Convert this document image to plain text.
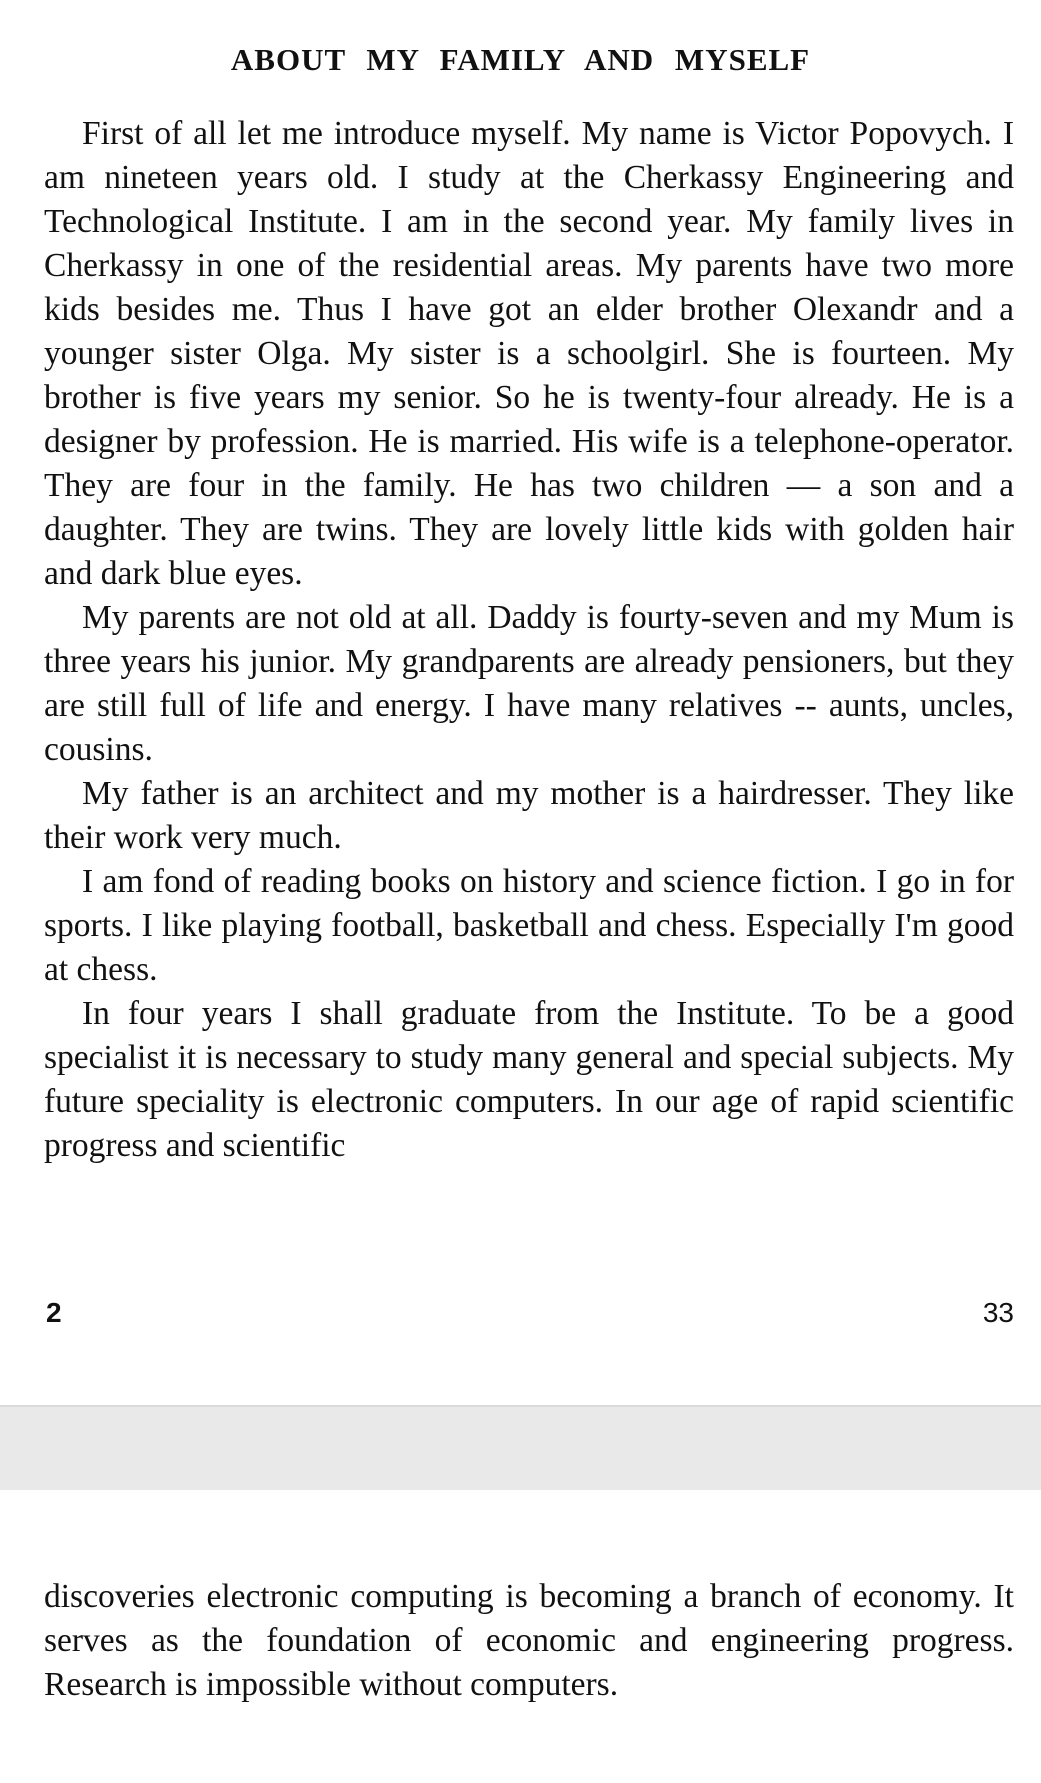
ABOUT MY FAMILY AND MYSELF

First of all let me introduce myself. My name is Victor Popovych. I am nineteen years old. I study at the Cherkassy Engineering and Technological Institute. I am in the second year. My family lives in Cherkassy in one of the residential areas. My parents have two more kids besides me. Thus I have got an elder brother Olexandr and a younger sister Olga. My sister is a schoolgirl. She is fourteen. My brother is five years my senior. So he is twenty-four already. He is a designer by profession. He is married. His wife is a telephone-operator. They are four in the family. He has two children — a son and a daughter. They are twins. They are lovely little kids with golden hair and dark blue eyes.

My parents are not old at all. Daddy is fourty-seven and my Mum is three years his junior. My grandparents are already pensioners, but they are still full of life and energy. I have many relatives -- aunts, uncles, cousins.

My father is an architect and my mother is a hairdresser. They like their work very much.

I am fond of reading books on history and science fiction. I go in for sports. I like playing football, basketball and chess. Especially I'm good at chess.

In four years I shall graduate from the Institute. To be a good specialist it is necessary to study many general and special subjects. My future speciality is electronic computers. In our age of rapid scientific progress and scientific

2	33

discoveries electronic computing is becoming a branch of economy. It serves as the foundation of economic and engineering progress. Research is impossible without computers.
